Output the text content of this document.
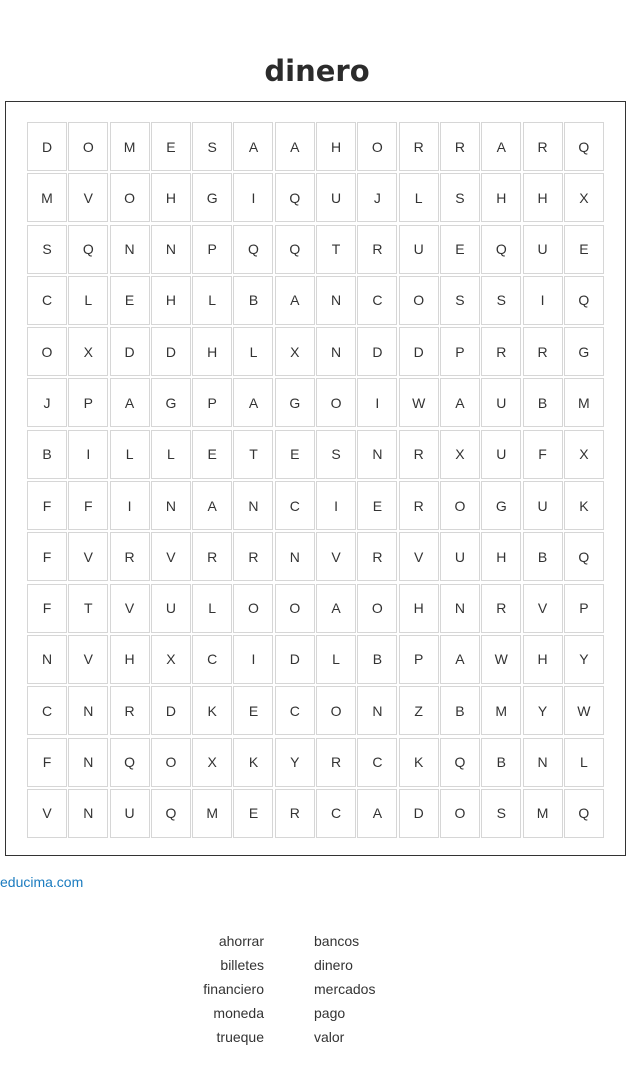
dinero
D	O	M	E	S	A	A	H	O	R	R	A	R	Q
M	V	O	H	G	I	Q	U	J	L	S	H	H	X
S	Q	N	N	P	Q	Q	T	R	U	E	Q	U	E
C	L	E	H	L	B	A	N	C	O	S	S	I	Q
O	X	D	D	H	L	X	N	D	D	P	R	R	G
J	P	A	G	P	A	G	O	I	W	A	U	B	M
B	I	L	L	E	T	E	S	N	R	X	U	F	X
F	F	I	N	A	N	C	I	E	R	O	G	U	K
F	V	R	V	R	R	N	V	R	V	U	H	B	Q
F	T	V	U	L	O	O	A	O	H	N	R	V	P
N	V	H	X	C	I	D	L	B	P	A	W	H	Y
C	N	R	D	K	E	C	O	N	Z	B	M	Y	W
F	N	Q	O	X	K	Y	R	C	K	Q	B	N	L
V	N	U	Q	M	E	R	C	A	D	O	S	M	Q
educima.com
ahorrar
billetes
financiero
moneda
trueque
bancos
dinero
mercados
pago
valor
